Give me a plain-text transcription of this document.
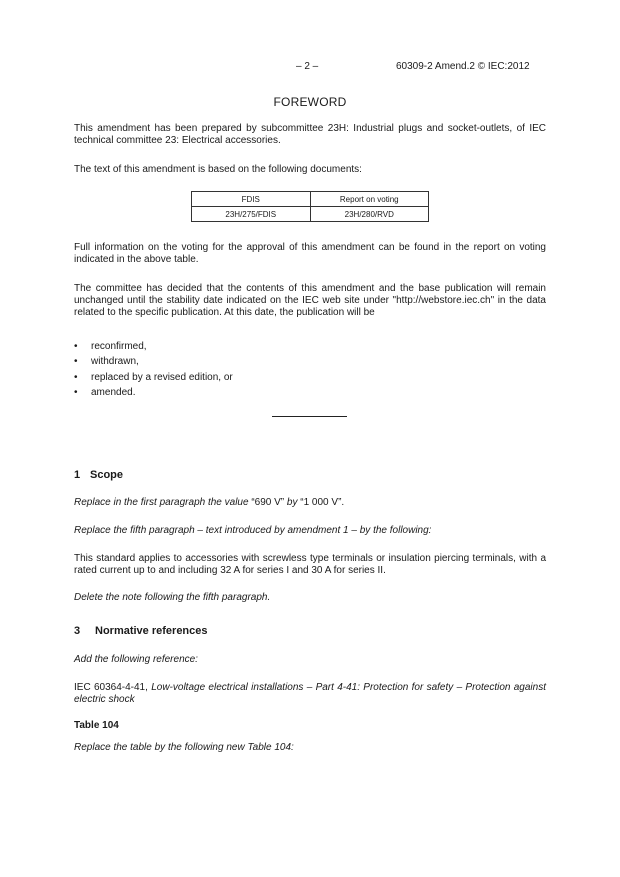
– 2 –	60309-2 Amend.2 © IEC:2012
FOREWORD
This amendment has been prepared by subcommittee 23H: Industrial plugs and socket-outlets, of IEC technical committee 23: Electrical accessories.
The text of this amendment is based on the following documents:
FDIS	Report on voting
23H/275/FDIS	23H/280/RVD
Full information on the voting for the approval of this amendment can be found in the report on voting indicated in the above table.
The committee has decided that the contents of this amendment and the base publication will remain unchanged until the stability date indicated on the IEC web site under "http://webstore.iec.ch" in the data related to the specific publication. At this date, the publication will be
• reconfirmed,
• withdrawn,
• replaced by a revised edition, or
• amended.
1 Scope
Replace in the first paragraph the value “690 V” by “1 000 V”.
Replace the fifth paragraph – text introduced by amendment 1 – by the following:
This standard applies to accessories with screwless type terminals or insulation piercing terminals, with a rated current up to and including 32 A for series I and 30 A for series II.
Delete the note following the fifth paragraph.
3 Normative references
Add the following reference:
IEC 60364-4-41, Low-voltage electrical installations – Part 4-41: Protection for safety – Protection against electric shock
Table 104
Replace the table by the following new Table 104:
